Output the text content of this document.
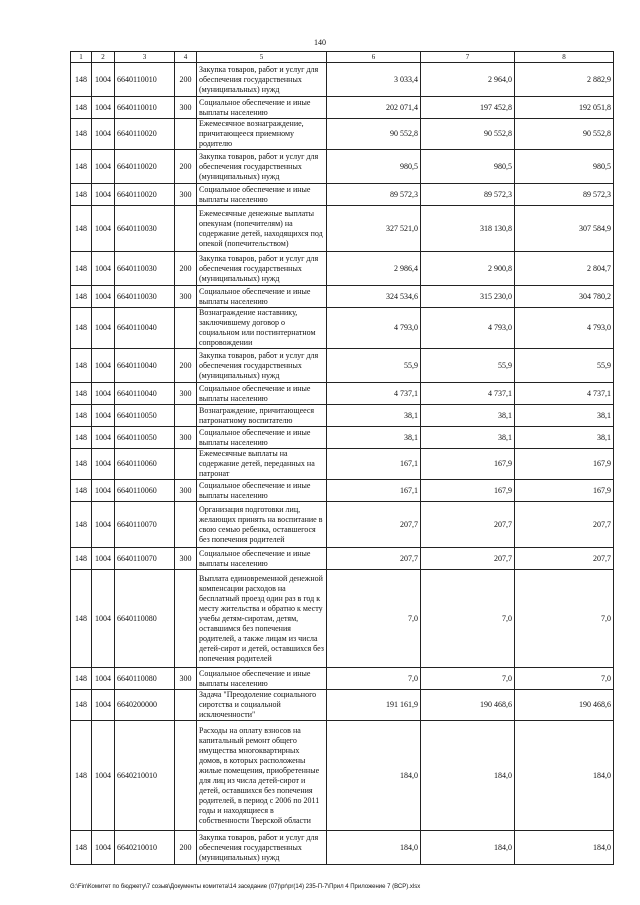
140
1	2	3	4	5	6	7	8
148	1004	6640110010	200	Закупка товаров, работ и услуг для обеспечения государственных (муниципальных) нужд	3 033,4	2 964,0	2 882,9
148	1004	6640110010	300	Социальное обеспечение и иные выплаты населению	202 071,4	197 452,8	192 051,8
148	1004	6640110020		Ежемесячное вознаграждение, причитающееся приемному родителю	90 552,8	90 552,8	90 552,8
148	1004	6640110020	200	Закупка товаров, работ и услуг для обеспечения государственных (муниципальных) нужд	980,5	980,5	980,5
148	1004	6640110020	300	Социальное обеспечение и иные выплаты населению	89 572,3	89 572,3	89 572,3
148	1004	6640110030		Ежемесячные денежные выплаты опекунам (попечителям) на содержание детей, находящихся под опекой (попечительством)	327 521,0	318 130,8	307 584,9
148	1004	6640110030	200	Закупка товаров, работ и услуг для обеспечения государственных (муниципальных) нужд	2 986,4	2 900,8	2 804,7
148	1004	6640110030	300	Социальное обеспечение и иные выплаты населению	324 534,6	315 230,0	304 780,2
148	1004	6640110040		Вознаграждение наставнику, заключившему договор о социальном или постинтернатном сопровождении	4 793,0	4 793,0	4 793,0
148	1004	6640110040	200	Закупка товаров, работ и услуг для обеспечения государственных (муниципальных) нужд	55,9	55,9	55,9
148	1004	6640110040	300	Социальное обеспечение и иные выплаты населению	4 737,1	4 737,1	4 737,1
148	1004	6640110050		Вознаграждение, причитающееся патронатному воспитателю	38,1	38,1	38,1
148	1004	6640110050	300	Социальное обеспечение и иные выплаты населению	38,1	38,1	38,1
148	1004	6640110060		Ежемесячные выплаты на содержание детей, переданных на патронат	167,1	167,9	167,9
148	1004	6640110060	300	Социальное обеспечение и иные выплаты населению	167,1	167,9	167,9
148	1004	6640110070		Организация подготовки лиц, желающих принять на воспитание в свою семью ребенка, оставшегося без попечения родителей	207,7	207,7	207,7
148	1004	6640110070	300	Социальное обеспечение и иные выплаты населению	207,7	207,7	207,7
148	1004	6640110080		Выплата единовременной денежной компенсации расходов на бесплатный проезд один раз в год к месту жительства и обратно к месту учебы детям-сиротам, детям, оставшимся без попечения родителей, а также лицам из числа детей-сирот и детей, оставшихся без попечения родителей	7,0	7,0	7,0
148	1004	6640110080	300	Социальное обеспечение и иные выплаты населению	7,0	7,0	7,0
148	1004	6640200000		Задача "Преодоление социального сиротства и социальной исключенности"	191 161,9	190 468,6	190 468,6
148	1004	6640210010		Расходы на оплату взносов на капитальный ремонт общего имущества многоквартирных домов, в которых расположены жилые помещения, приобретенные для лиц из числа детей-сирот и детей, оставшихся без попечения родителей, в период с 2006 по 2011 годы и находящиеся в собственности Тверской области	184,0	184,0	184,0
148	1004	6640210010	200	Закупка товаров, работ и услуг для обеспечения государственных (муниципальных) нужд	184,0	184,0	184,0
G:\Fin\Комитет по бюджету\7 созыв\Документы комитета\14 заседание (07)\pr\pr(14) 235-П-7\Прил 4 Приложение 7 (ВСР).xlsx
